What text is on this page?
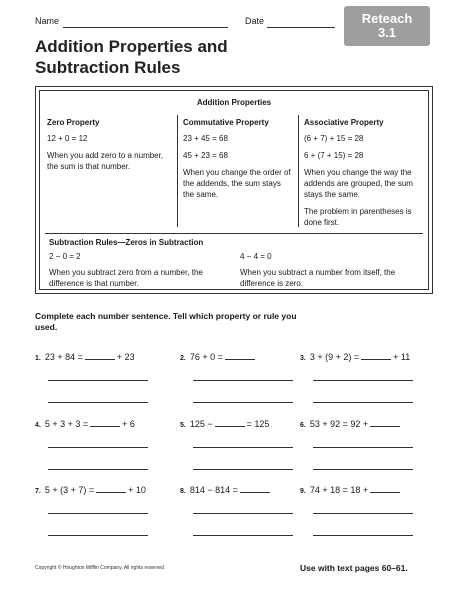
Name	Date	Reteach
3.1
Addition Properties and
Subtraction Rules
Addition Properties
Zero Property
12 + 0 = 12

When you add zero to a number, the sum is that number.

Commutative Property
23 + 45 = 68
45 + 23 = 68

When you change the order of the addends, the sum stays the same.

Associative Property
(6 + 7) + 15 = 28
6 + (7 + 15) = 28

When you change the way the addends are grouped, the sum stays the same.

The problem in parentheses is done first.

Subtraction Rules—Zeros in Subtraction
2 − 0 = 2

When you subtract zero from a number, the difference is that number.

4 − 4 = 0

When you subtract a number from itself, the difference is zero.

Complete each number sentence. Tell which property or rule you used.
1. 23 + 84 =	+ 23	2. 76 + 0 =	3. 3 + (9 + 2) =	+ 11
4. 5 + 3 + 3 =	+ 6	5. 125 −	= 125	6. 53 + 92 = 92 +
7. 5 + (3 + 7) =	+ 10	8. 814 − 814 =	9. 74 + 18 = 18 +
Copyright © Houghton Mifflin Company. All rights reserved.	Use with text pages 60–61.
